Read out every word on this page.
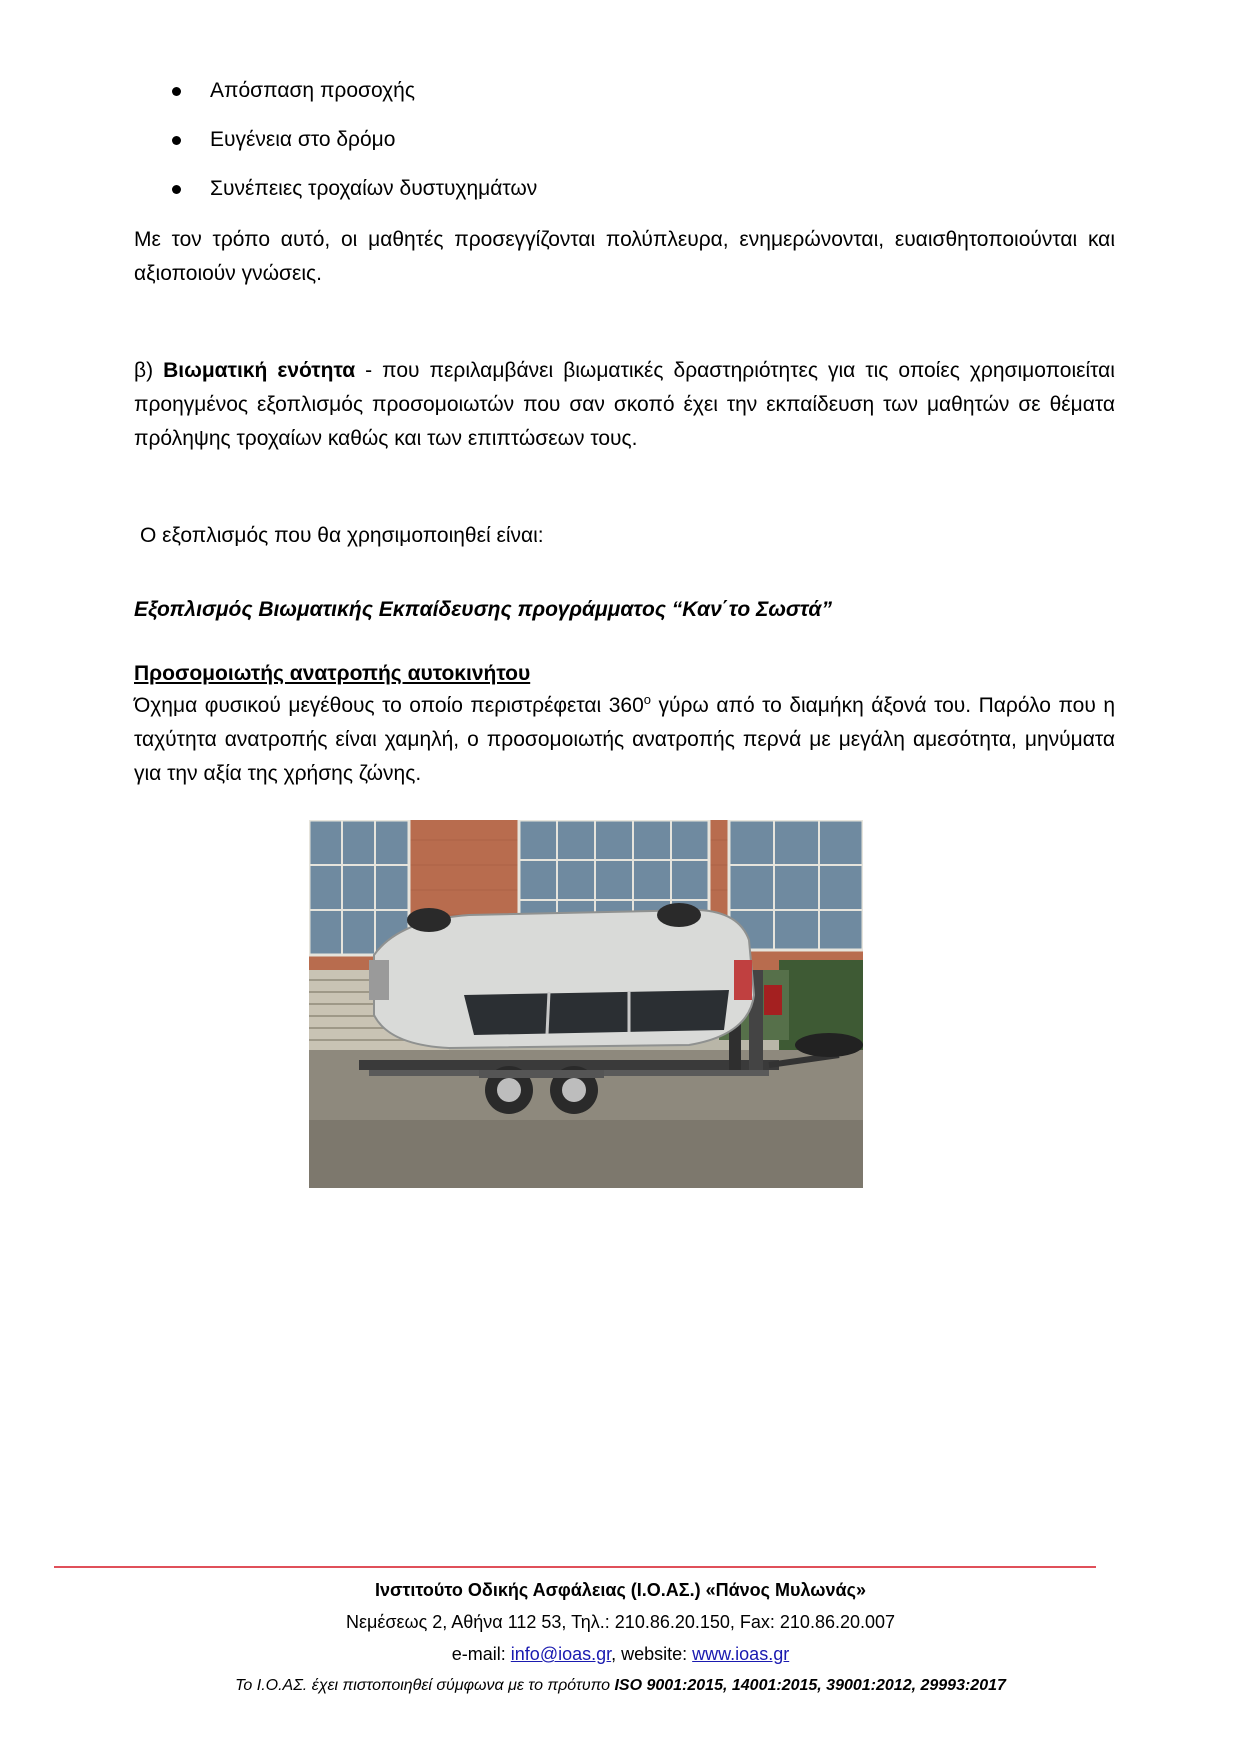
Απόσπαση προσοχής
Ευγένεια στο δρόμο
Συνέπειες τροχαίων δυστυχημάτων

Με τον τρόπο αυτό, οι μαθητές προσεγγίζονται πολύπλευρα, ενημερώνονται, ευαισθητοποιούνται και αξιοποιούν γνώσεις.

β) Βιωματική ενότητα - που περιλαμβάνει βιωματικές δραστηριότητες για τις οποίες χρησιμοποιείται προηγμένος εξοπλισμός προσομοιωτών που σαν σκοπό έχει την εκπαίδευση των μαθητών σε θέματα πρόληψης τροχαίων καθώς και των επιπτώσεων τους.

Ο εξοπλισμός που θα χρησιμοποιηθεί είναι:

Εξοπλισμός Βιωματικής Εκπαίδευσης προγράμματος “Καν΄το Σωστά”
Προσομοιωτής ανατροπής αυτοκινήτου

Όχημα φυσικού μεγέθους το οποίο περιστρέφεται $360^o$ γύρω από το διαμήκη άξονά του. Παρόλο που η ταχύτητα ανατροπής είναι χαμηλή, ο προσομοιωτής ανατροπής περνά με μεγάλη αμεσότητα, μηνύματα για την αξία της χρήσης ζώνης.

Ινστιτούτο Οδικής Ασφάλειας (Ι.Ο.ΑΣ.) «Πάνος Μυλωνάς»
Νεμέσεως 2, Αθήνα 112 53, Τηλ.: 210.86.20.150, Fax: 210.86.20.007
e-mail: info@ioas.gr, website: www.ioas.gr
Το Ι.Ο.ΑΣ. έχει πιστοποιηθεί σύμφωνα με το πρότυπο ISO 9001:2015, 14001:2015, 39001:2012, 29993:2017
